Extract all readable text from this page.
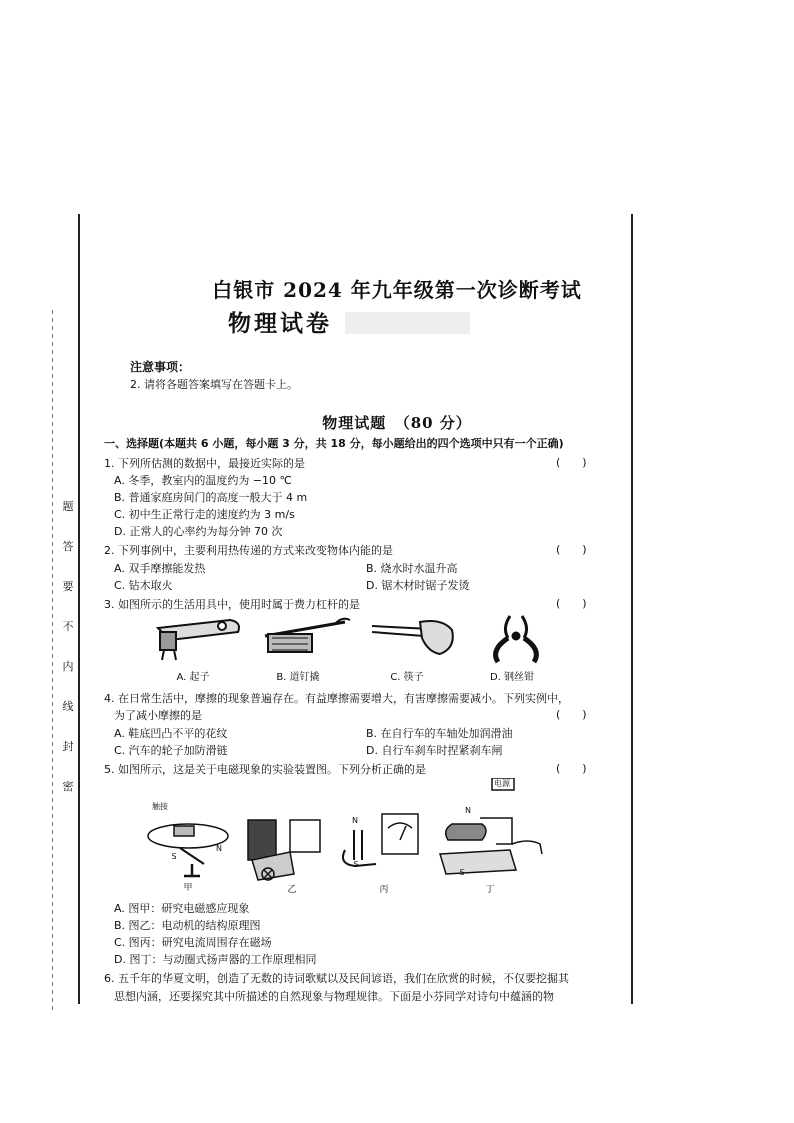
题
答
要
不
内
线
封
密
白银市 2024 年九年级第一次诊断考试
物理试卷
注意事项：
2. 请将各题答案填写在答题卡上。
物理试题　（80 分）
一、选择题(本题共 6 小题，每小题 3 分，共 18 分，每小题给出的四个选项中只有一个正确)
1. 下列所估测的数据中，最接近实际的是	(　　)
A. 冬季，教室内的温度约为 −10 ℃
B. 普通家庭房间门的高度一般大于 4 m
C. 初中生正常行走的速度约为 3 m/s
D. 正常人的心率约为每分钟 70 次
2. 下列事例中，主要利用热传递的方式来改变物体内能的是	(　　)
A. 双手摩擦能发热	B. 烧水时水温升高
C. 钻木取火	D. 锯木材时锯子发烫
3. 如图所示的生活用具中，使用时属于费力杠杆的是	(　　)
A. 起子	B. 道钉撬	C. 筷子	D. 钢丝钳
4. 在日常生活中，摩擦的现象普遍存在。有益摩擦需要增大，有害摩擦需要减小。下列实例中，
为了减小摩擦的是	(　　)
A. 鞋底凹凸不平的花纹	B. 在自行车的车轴处加润滑油
C. 汽车的轮子加防滑链	D. 自行车刹车时捏紧刹车闸
5. 如图所示，这是关于电磁现象的实验装置图。下列分析正确的是	(　　)
触接
电源
N
S
N
S
N
S
甲	乙	丙	丁
A. 图甲：研究电磁感应现象
B. 图乙：电动机的结构原理图
C. 图丙：研究电流周围存在磁场
D. 图丁：与动圈式扬声器的工作原理相同
6. 五千年的华夏文明，创造了无数的诗词歌赋以及民间谚语，我们在欣赏的时候，不仅要挖掘其
思想内涵，还要探究其中所描述的自然现象与物理规律。下面是小芬同学对诗句中蕴涵的物
